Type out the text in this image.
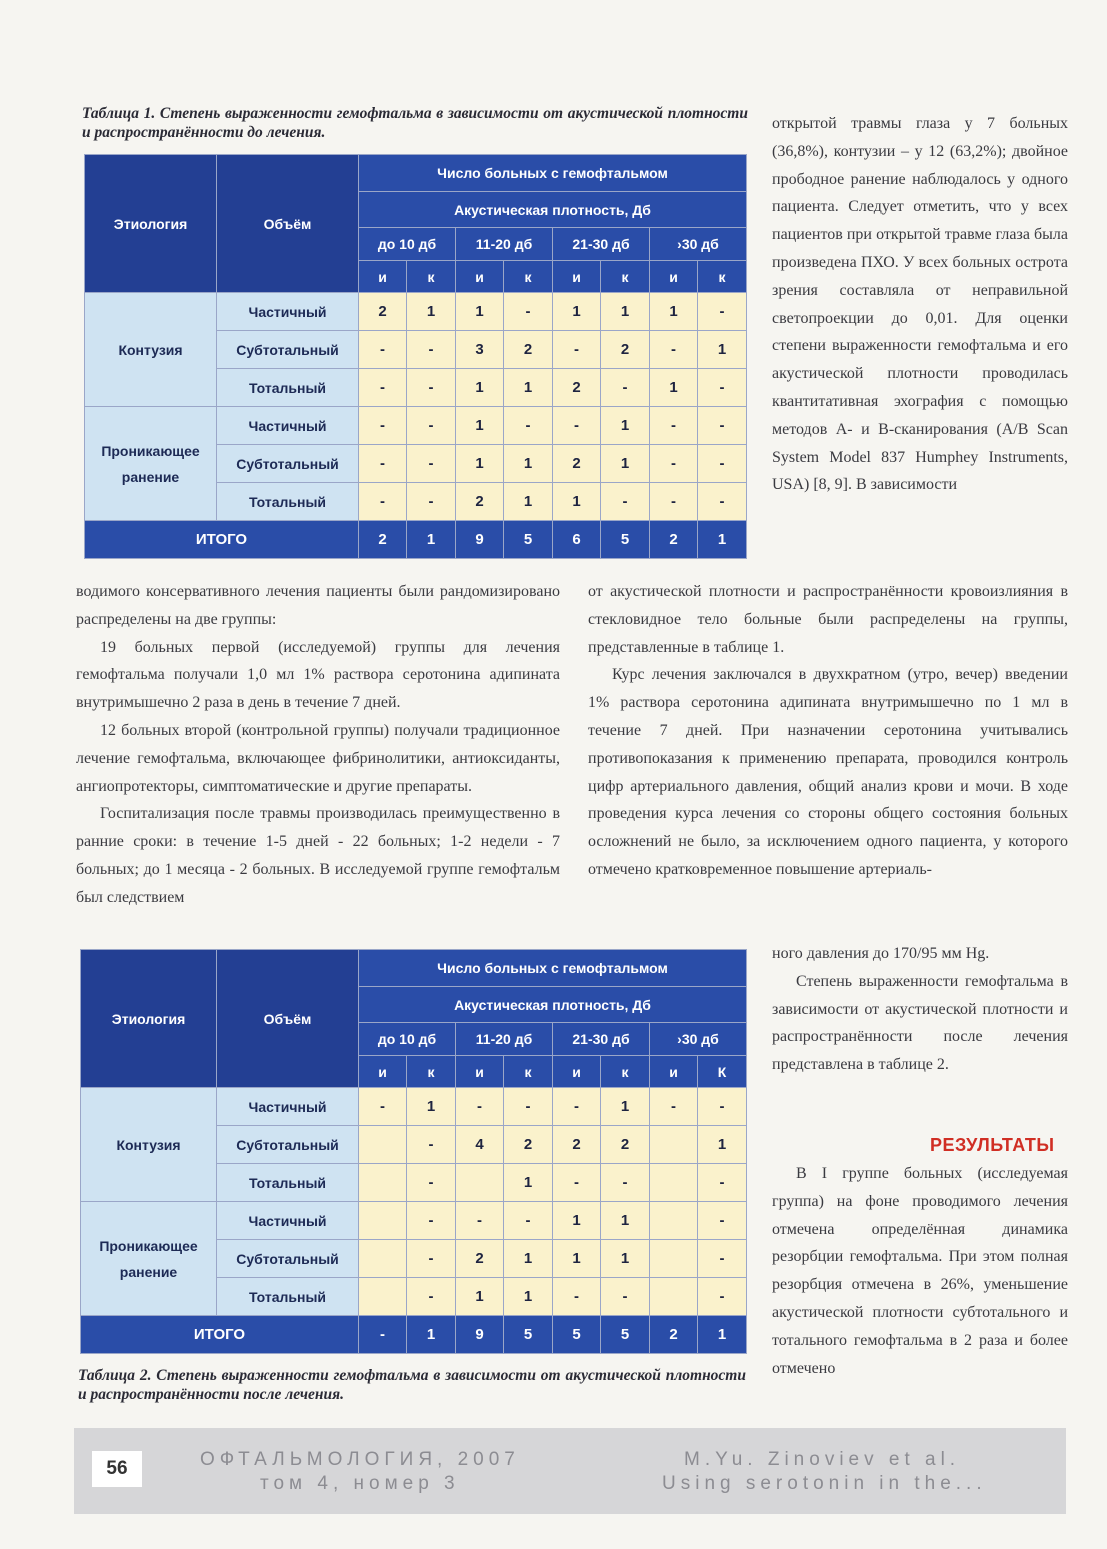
Таблица 1. Степень выраженности гемофтальма в зависимости от акустической плотности и распространённости до лечения.
Этиология	Объём	Число больных с гемофтальмом							
		Акустическая плотность, Дб							
		до 10 дб		11-20 дб		21-30 дб		›30 дб	
		и	к	и	к	и	к	и	к
Контузия	Частичный	2	1	1	-	1	1	1	-
	Субтотальный	-	-	3	2	-	2	-	1
	Тотальный	-	-	1	1	2	-	1	-
Проникающее ранение	Частичный	-	-	1	-	-	1	-	-
	Субтотальный	-	-	1	1	2	1	-	-
	Тотальный	-	-	2	1	1	-	-	-
ИТОГО		2	1	9	5	6	5	2	1
открытой травмы глаза у 7 больных (36,8%), контузии – у 12 (63,2%); двойное прободное ранение наблюдалось у одного пациента. Следует отметить, что у всех пациентов при открытой травме глаза была произведена ПХО. У всех больных острота зрения составляла от неправильной светопроекции до 0,01. Для оценки степени выраженности гемофтальма и его акустической плотности проводилась квантитативная эхография с помощью методов А- и В-сканирования (A/B Scan System Model 837 Humphey Instruments, USA) [8, 9]. В зависимости

водимого консервативного лечения пациенты были рандомизировано распределены на две группы:

19 больных первой (исследуемой) группы для лечения гемофтальма получали 1,0 мл 1% раствора серотонина адипината внутримышечно 2 раза в день в течение 7 дней.

12 больных второй (контрольной группы) получали традиционное лечение гемофтальма, включающее фибринолитики, антиоксиданты, ангиопротекторы, симптоматические и другие препараты.

Госпитализация после травмы производилась преимущественно в ранние сроки: в течение 1-5 дней - 22 больных; 1-2 недели - 7 больных; до 1 месяца - 2 больных. В исследуемой группе гемофтальм был следствием

от акустической плотности и распространённости кровоизлияния в стекловидное тело больные были распределены на группы, представленные в таблице 1.

Курс лечения заключался в двухкратном (утро, вечер) введении 1% раствора серотонина адипината внутримышечно по 1 мл в течение 7 дней. При назначении серотонина учитывались противопоказания к применению препарата, проводился контроль цифр артериального давления, общий анализ крови и мочи. В ходе проведения курса лечения со стороны общего состояния больных осложнений не было, за исключением одного пациента, у которого отмечено кратковременное повышение артериаль-

Этиология	Объём	Число больных с гемофтальмом							
		Акустическая плотность, Дб							
		до 10 дб		11-20 дб		21-30 дб		›30 дб	
		и	к	и	к	и	к	и	К
Контузия	Частичный	-	1	-	-	-	1	-	-
	Субтотальный		-	4	2	2	2		1
	Тотальный		-		1	-	-		-
Проникающее ранение	Частичный		-	-	-	1	1		-
	Субтотальный		-	2	1	1	1		-
	Тотальный		-	1	1	-	-		-
ИТОГО		-	1	9	5	5	5	2	1
Таблица 2. Степень выраженности гемофтальма в зависимости от акустической плотности и распространённости после лечения.

ного давления до 170/95 мм Hg.

Степень выраженности гемофтальма в зависимости от акустической плотности и распространённости после лечения представлена в таблице 2.

РЕЗУЛЬТАТЫ
В I группе больных (исследуемая группа) на фоне проводимого лечения отмечена определённая динамика резорбции гемофтальма. При этом полная резорбция отмечена в 26%, уменьшение акустической плотности субтотального и тотального гемофтальма в 2 раза и более отмечено
56	ОФТАЛЬМОЛОГИЯ, 2007
том 4, номер 3
M.Yu. Zinoviev et al.
Using serotonin in the...
